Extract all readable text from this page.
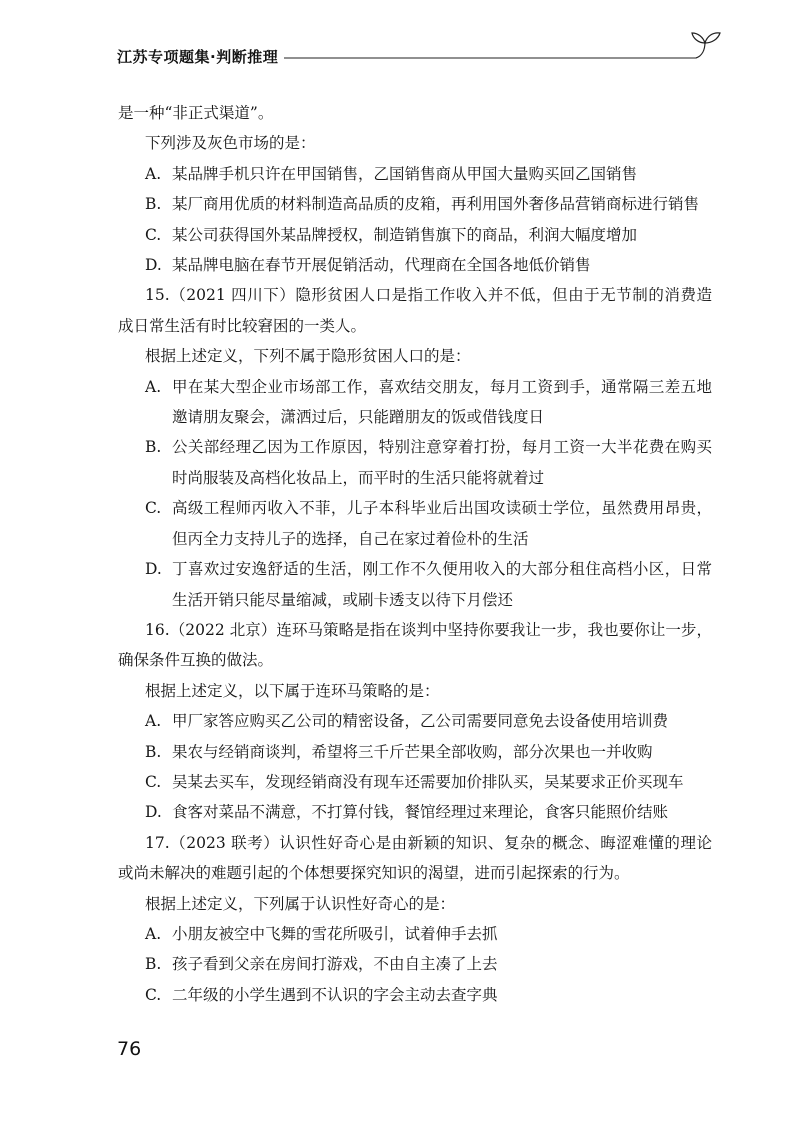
江苏专项题集·判断推理
是一种“非正式渠道”。
下列涉及灰色市场的是：
A. 某品牌手机只许在甲国销售，乙国销售商从甲国大量购买回乙国销售
B. 某厂商用优质的材料制造高品质的皮箱，再利用国外奢侈品营销商标进行销售
C. 某公司获得国外某品牌授权，制造销售旗下的商品，利润大幅度增加
D. 某品牌电脑在春节开展促销活动，代理商在全国各地低价销售
15.（2021 四川下）隐形贫困人口是指工作收入并不低，但由于无节制的消费造
成日常生活有时比较窘困的一类人。
根据上述定义，下列不属于隐形贫困人口的是：
A. 甲在某大型企业市场部工作，喜欢结交朋友，每月工资到手，通常隔三差五地
邀请朋友聚会，潇洒过后，只能蹭朋友的饭或借钱度日
B. 公关部经理乙因为工作原因，特别注意穿着打扮，每月工资一大半花费在购买
时尚服装及高档化妆品上，而平时的生活只能将就着过
C. 高级工程师丙收入不菲，儿子本科毕业后出国攻读硕士学位，虽然费用昂贵，
但丙全力支持儿子的选择，自己在家过着俭朴的生活
D. 丁喜欢过安逸舒适的生活，刚工作不久便用收入的大部分租住高档小区，日常
生活开销只能尽量缩减，或刷卡透支以待下月偿还
16.（2022 北京）连环马策略是指在谈判中坚持你要我让一步，我也要你让一步，
确保条件互换的做法。
根据上述定义，以下属于连环马策略的是：
A. 甲厂家答应购买乙公司的精密设备，乙公司需要同意免去设备使用培训费
B. 果农与经销商谈判，希望将三千斤芒果全部收购，部分次果也一并收购
C. 吴某去买车，发现经销商没有现车还需要加价排队买，吴某要求正价买现车
D. 食客对菜品不满意，不打算付钱，餐馆经理过来理论，食客只能照价结账
17.（2023 联考）认识性好奇心是由新颖的知识、复杂的概念、晦涩难懂的理论
或尚未解决的难题引起的个体想要探究知识的渴望，进而引起探索的行为。
根据上述定义，下列属于认识性好奇心的是：
A. 小朋友被空中飞舞的雪花所吸引，试着伸手去抓
B. 孩子看到父亲在房间打游戏，不由自主凑了上去
C. 二年级的小学生遇到不认识的字会主动去查字典
76
